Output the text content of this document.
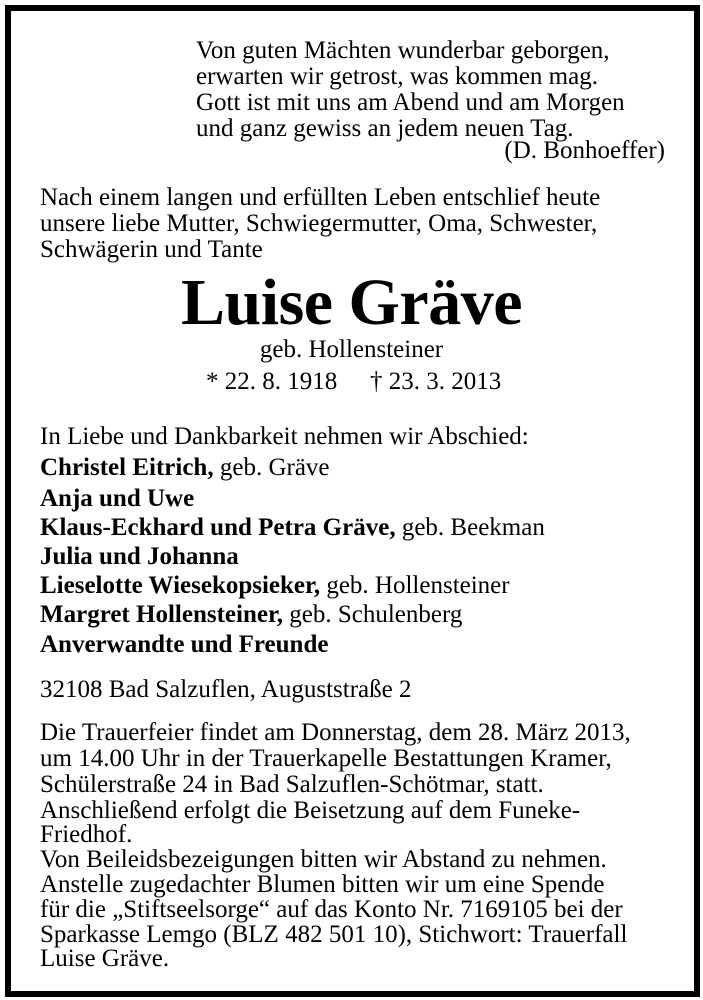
Von guten Mächten wunderbar geborgen,
erwarten wir getrost, was kommen mag.
Gott ist mit uns am Abend und am Morgen
und ganz gewiss an jedem neuen Tag.
(D. Bonhoeffer)
Nach einem langen und erfüllten Leben entschlief heute
unsere liebe Mutter, Schwiegermutter, Oma, Schwester,
Schwägerin und Tante
Luise Gräve
geb. Hollensteiner
* 22. 8. 1918 † 23. 3. 2013
In Liebe und Dankbarkeit nehmen wir Abschied:
Christel Eitrich, geb. Gräve
Anja und Uwe
Klaus-Eckhard und Petra Gräve, geb. Beekman
Julia und Johanna
Lieselotte Wiesekopsieker, geb. Hollensteiner
Margret Hollensteiner, geb. Schulenberg
Anverwandte und Freunde
32108 Bad Salzuflen, Auguststraße 2
Die Trauerfeier findet am Donnerstag, dem 28. März 2013,
um 14.00 Uhr in der Trauerkapelle Bestattungen Kramer,
Schülerstraße 24 in Bad Salzuflen-Schötmar, statt.
Anschließend erfolgt die Beisetzung auf dem Funeke-
Friedhof.
Von Beileidsbezeigungen bitten wir Abstand zu nehmen.
Anstelle zugedachter Blumen bitten wir um eine Spende
für die „Stiftseelsorge“ auf das Konto Nr. 7169105 bei der
Sparkasse Lemgo (BLZ 482 501 10), Stichwort: Trauerfall
Luise Gräve.
